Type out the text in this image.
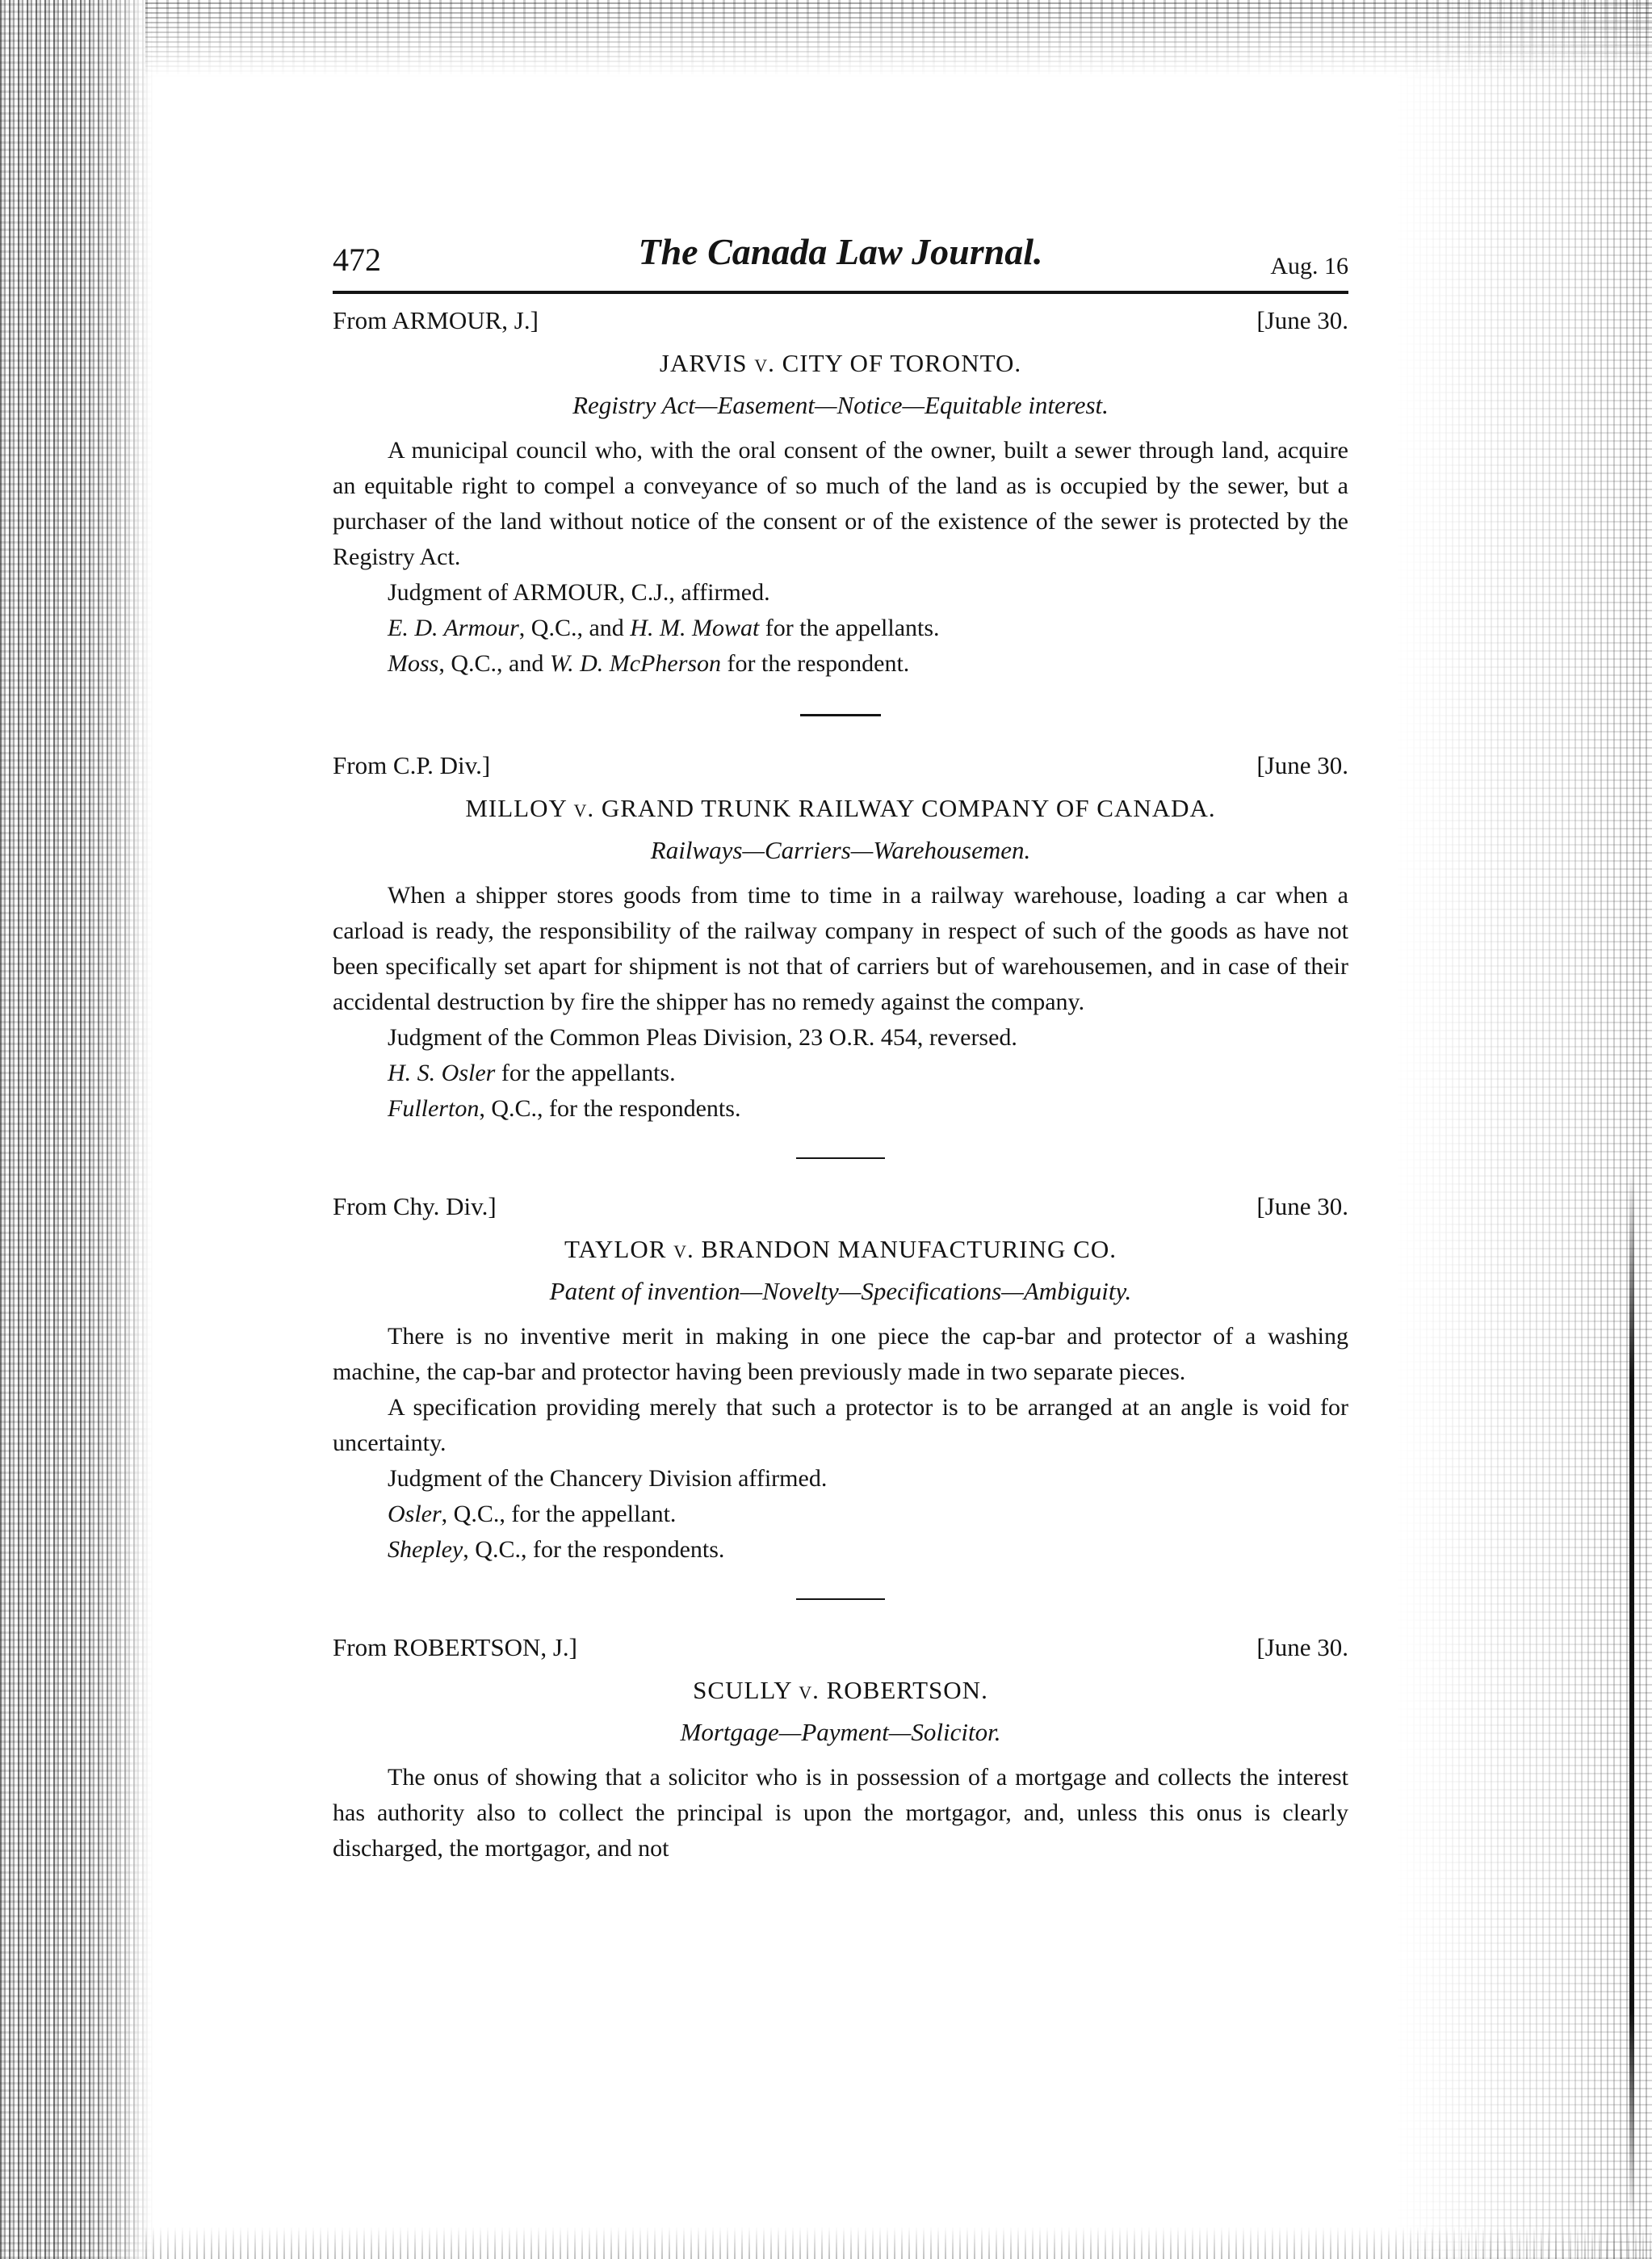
472	The Canada Law Journal.	Aug. 16
From ARMOUR, J.]	[June 30.
JARVIS v. CITY OF TORONTO.
Registry Act—Easement—Notice—Equitable interest.

A municipal council who, with the oral consent of the owner, built a sewer through land, acquire an equitable right to compel a conveyance of so much of the land as is occupied by the sewer, but a purchaser of the land without notice of the consent or of the existence of the sewer is protected by the Registry Act.

Judgment of ARMOUR, C.J., affirmed.

E. D. Armour, Q.C., and H. M. Mowat for the appellants.

Moss, Q.C., and W. D. McPherson for the respondent.

From C.P. Div.]	[June 30.
MILLOY v. GRAND TRUNK RAILWAY COMPANY OF CANADA.
Railways—Carriers—Warehousemen.

When a shipper stores goods from time to time in a railway warehouse, loading a car when a carload is ready, the responsibility of the railway company in respect of such of the goods as have not been specifically set apart for shipment is not that of carriers but of warehousemen, and in case of their accidental destruction by fire the shipper has no remedy against the company.

Judgment of the Common Pleas Division, 23 O.R. 454, reversed.

H. S. Osler for the appellants.

Fullerton, Q.C., for the respondents.

From Chy. Div.]	[June 30.
TAYLOR v. BRANDON MANUFACTURING CO.
Patent of invention—Novelty—Specifications—Ambiguity.

There is no inventive merit in making in one piece the cap-bar and protector of a washing machine, the cap-bar and protector having been previously made in two separate pieces.

A specification providing merely that such a protector is to be arranged at an angle is void for uncertainty.

Judgment of the Chancery Division affirmed.

Osler, Q.C., for the appellant.

Shepley, Q.C., for the respondents.

From ROBERTSON, J.]	[June 30.
SCULLY v. ROBERTSON.
Mortgage—Payment—Solicitor.

The onus of showing that a solicitor who is in possession of a mortgage and collects the interest has authority also to collect the principal is upon the mortgagor, and, unless this onus is clearly discharged, the mortgagor, and not
